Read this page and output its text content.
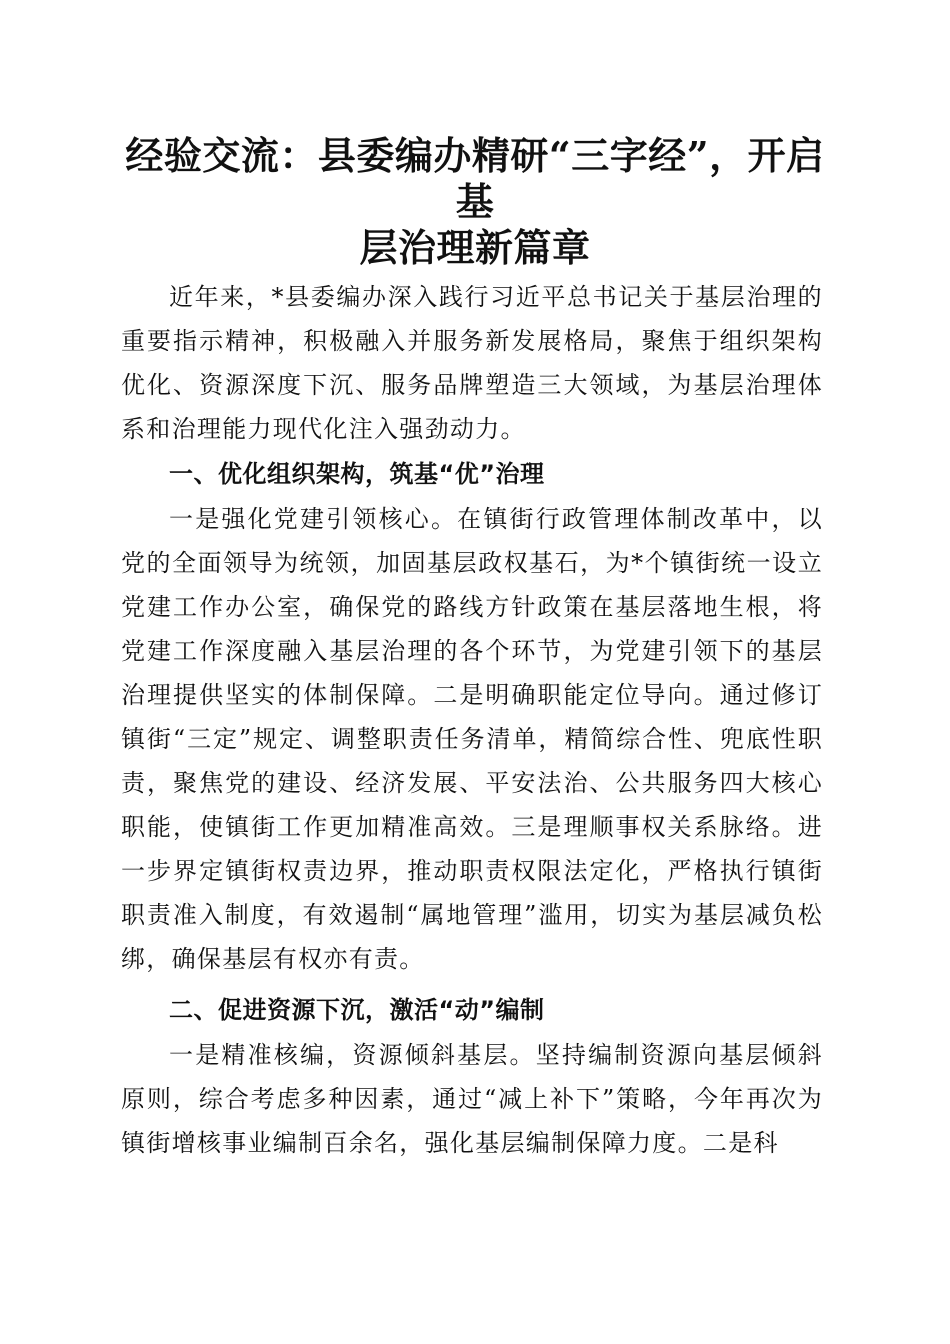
经验交流：县委编办精研“三字经”，开启基
层治理新篇章

近年来，*县委编办深入践行习近平总书记关于基层治理的重要指示精神，积极融入并服务新发展格局，聚焦于组织架构优化、资源深度下沉、服务品牌塑造三大领域，为基层治理体系和治理能力现代化注入强劲动力。

一、优化组织架构，筑基“优”治理

一是强化党建引领核心。在镇街行政管理体制改革中，以党的全面领导为统领，加固基层政权基石，为*个镇街统一设立党建工作办公室，确保党的路线方针政策在基层落地生根，将党建工作深度融入基层治理的各个环节，为党建引领下的基层治理提供坚实的体制保障。二是明确职能定位导向。通过修订镇街“三定”规定、调整职责任务清单，精简综合性、兜底性职责，聚焦党的建设、经济发展、平安法治、公共服务四大核心职能，使镇街工作更加精准高效。三是理顺事权关系脉络。进一步界定镇街权责边界，推动职责权限法定化，严格执行镇街职责准入制度，有效遏制“属地管理”滥用，切实为基层减负松绑，确保基层有权亦有责。

二、促进资源下沉，激活“动”编制

一是精准核编，资源倾斜基层。坚持编制资源向基层倾斜原则，综合考虑多种因素，通过“减上补下”策略，今年再次为镇街增核事业编制百余名，强化基层编制保障力度。二是科
